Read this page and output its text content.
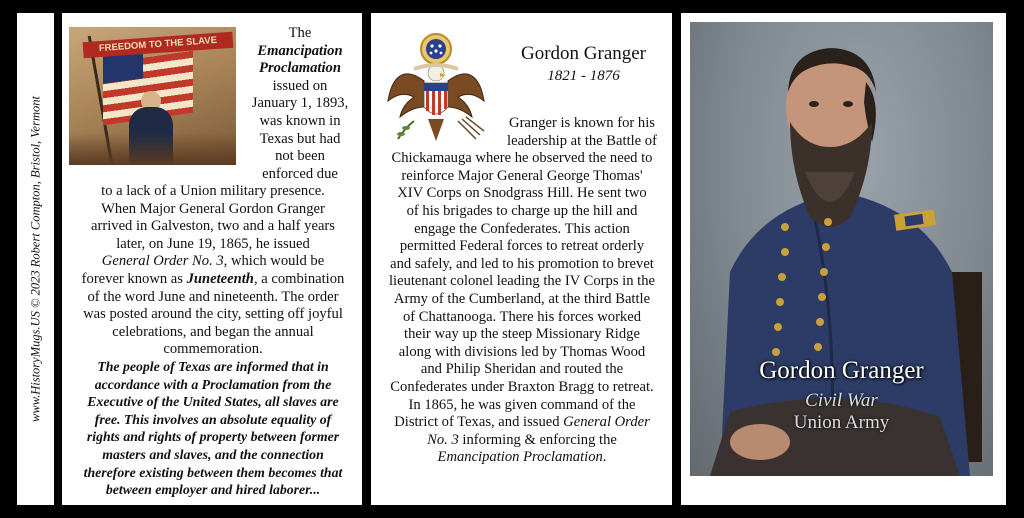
www.HistoryMugs.US © 2023 Robert Compton, Bristol, Vermont
FREEDOM TO THE SLAVE
The
Emancipation
Proclamation
issued on
January 1, 1893,
was known in
Texas but had
not been
enforced due
to a lack of a Union military presence.
When Major General Gordon Granger
arrived in Galveston, two and a half years
later, on June 19, 1865, he issued
General Order No. 3, which would be
forever known as Juneteenth, a combination
of the word June and nineteenth. The order
was posted around the city, setting off joyful
celebrations, and began the annual
commemoration.
The people of Texas are informed that in
accordance with a Proclamation from the
Executive of the United States, all slaves are
free. This involves an absolute equality of
rights and rights of property between former
masters and slaves, and the connection
therefore existing between them becomes that
between employer and hired laborer...
Gordon Granger
1821 - 1876
Granger is known for his
leadership at the Battle of
Chickamauga where he observed the need to
reinforce Major General George Thomas'
XIV Corps on Snodgrass Hill. He sent two
of his brigades to charge up the hill and
engage the Confederates. This action
permitted Federal forces to retreat orderly
and safely, and led to his promotion to brevet
lieutenant colonel leading the IV Corps in the
Army of the Cumberland, at the third Battle
of Chattanooga. There his forces worked
their way up the steep Missionary Ridge
along with divisions led by Thomas Wood
and Philip Sheridan and routed the
Confederates under Braxton Bragg to retreat.
In 1865, he was given command of the
District of Texas, and issued General Order
No. 3 informing & enforcing the
Emancipation Proclamation.
Gordon Granger
Civil War
Union Army
